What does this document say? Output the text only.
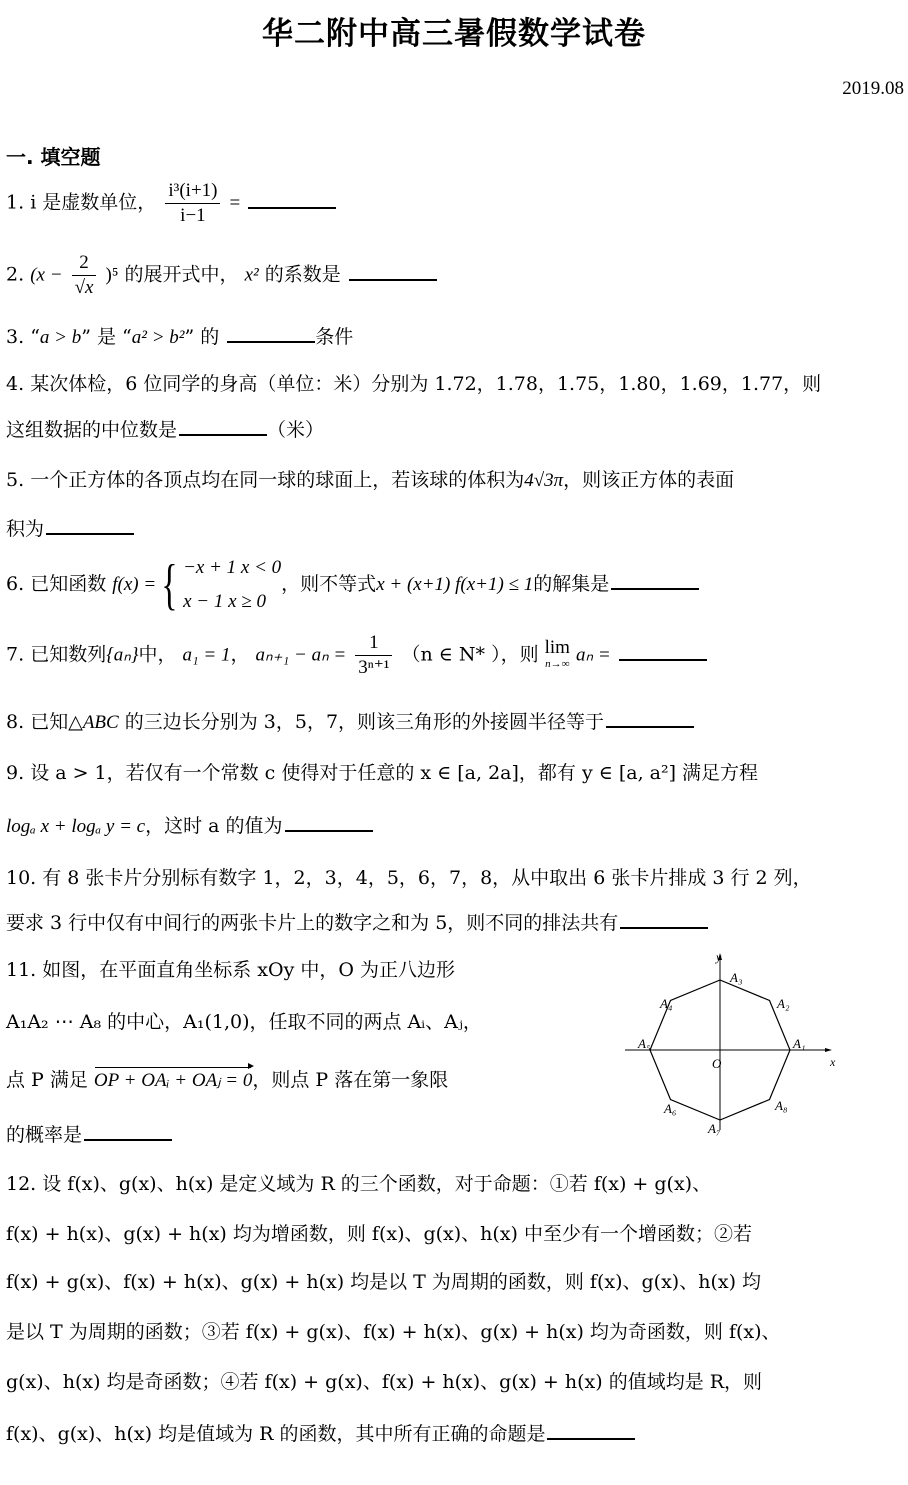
华二附中高三暑假数学试卷
2019.08
一. 填空题
1. i 是虚数单位， $\frac{\text{i³(i+1)}}{i-1}$ =
2. $(x - \frac{2}{√x} )^5$ 的展开式中， x² 的系数是
3. “a > b” 是 “a² > b²” 的	条件
4. 某次体检，6 位同学的身高（单位：米）分别为 1.72，1.78，1.75，1.80，1.69，1.77，则
这组数据的中位数是	（米）
5. 一个正方体的各顶点均在同一球的球面上，若该球的体积为4√3π，则该正方体的表面
积为
6. 已知函数 f(x) ={ −x + 1 x < 0
x − 1 x ≥ 0
，则不等式x + (x+1) f(x+1) ≤ 1的解集是
7. 已知数列{aₙ}中， a₁ = 1， $a_{n+1} - a_n = \frac{1}{\text{3ⁿ⁺¹}} (n$ ∈ N* ），则 lim
n→∞ aₙ =
8. 已知△ABC 的三边长分别为 3，5，7，则该三角形的外接圆半径等于
9. 设 a > 1，若仅有一个常数 c 使得对于任意的 x ∈ [a, 2a]，都有 y ∈ [a, a²] 满足方程
logₐ x + logₐ y = c，这时 a 的值为
10. 有 8 张卡片分别标有数字 1，2，3，4，5，6，7，8，从中取出 6 张卡片排成 3 行 2 列，
要求 3 行中仅有中间行的两张卡片上的数字之和为 5，则不同的排法共有
11. 如图，在平面直角坐标系 xOy 中，O 为正八边形
A₁A₂ ⋯ A₈ 的中心，A₁(1,0)，任取不同的两点 Aᵢ、Aⱼ，
点 P 满足 OP + OAᵢ + OAⱼ = 0，则点 P 落在第一象限
的概率是
y
x
O
A₁
A₂
A₃
A₄
A₅
A₆
A₇
A₈
12. 设 f(x)、g(x)、h(x) 是定义域为 R 的三个函数，对于命题：①若 f(x) + g(x)、
f(x) + h(x)、g(x) + h(x) 均为增函数，则 f(x)、g(x)、h(x) 中至少有一个增函数；②若
f(x) + g(x)、f(x) + h(x)、g(x) + h(x) 均是以 T 为周期的函数，则 f(x)、g(x)、h(x) 均
是以 T 为周期的函数；③若 f(x) + g(x)、f(x) + h(x)、g(x) + h(x) 均为奇函数，则 f(x)、
g(x)、h(x) 均是奇函数；④若 f(x) + g(x)、f(x) + h(x)、g(x) + h(x) 的值域均是 R，则
f(x)、g(x)、h(x) 均是值域为 R 的函数，其中所有正确的命题是
